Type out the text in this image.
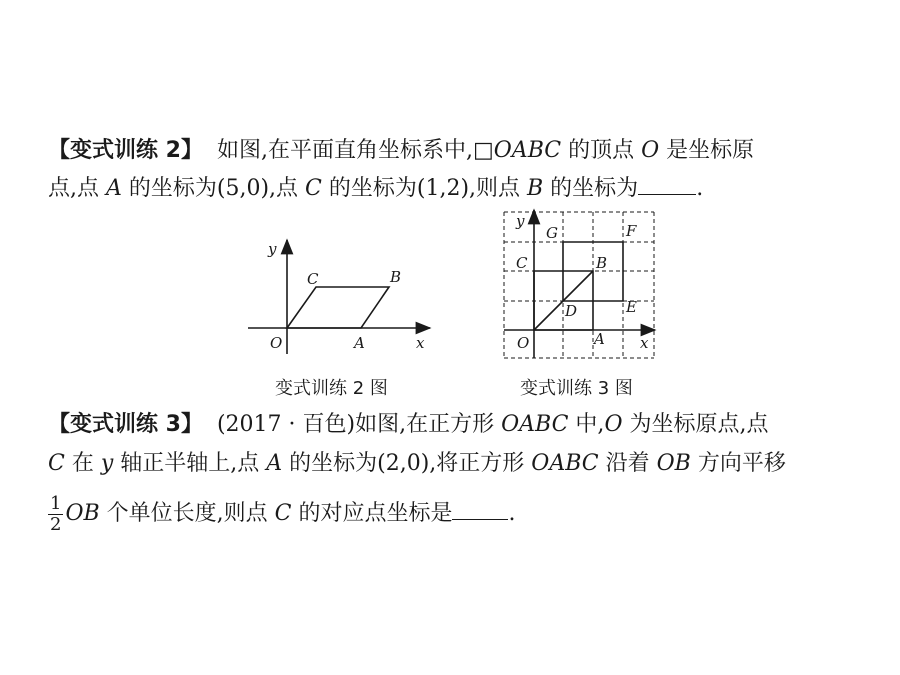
【变式训练 2】 如图,在平面直角坐标系中,□OABC 的顶点 O 是坐标原
点,点 A 的坐标为(5,0),点 C 的坐标为(1,2),则点 B 的坐标为	.
y
x
O	A
B
C
变式训练 2 图
y
x
O	A
B
C
D	E
F
G
变式训练 3 图
【变式训练 3】 (2017 · 百色)如图,在正方形 OABC 中,O 为坐标原点,点
C 在 y 轴正半轴上,点 A 的坐标为(2,0),将正方形 OABC 沿着 OB 方向平移
$\frac{1}{2}$ OB 个单位长度,则点 C 的对应点坐标是	.
